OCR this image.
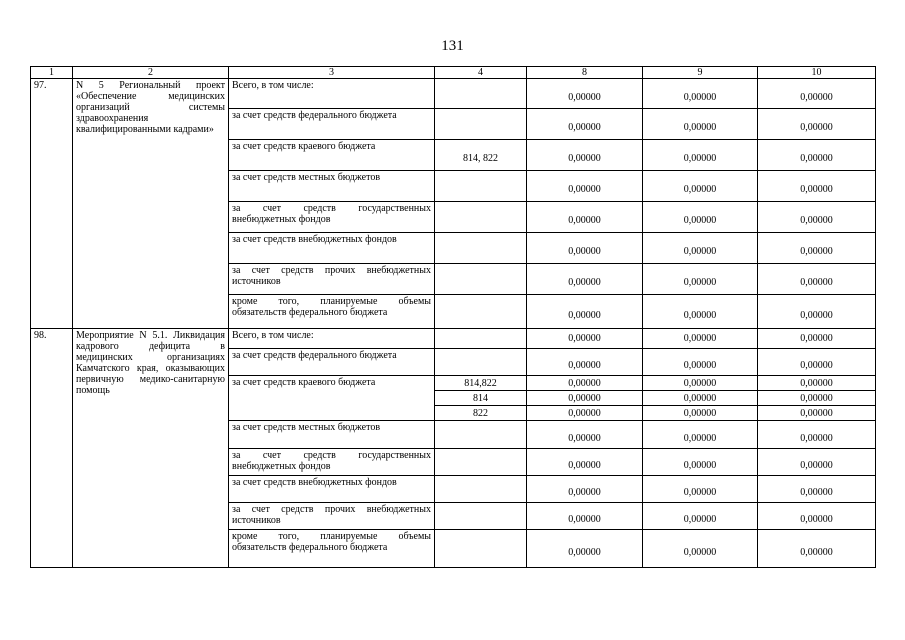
131
1	2	3	4	8	9	10
97.	N 5 Региональный проект «Обеспечение медицинских организаций системы здравоохранения квалифицированными кадрами»	Всего, в том числе:		0,00000	0,00000	0,00000
		за счет средств федерального бюджета		0,00000	0,00000	0,00000
		за счет средств краевого бюджета	814, 822	0,00000	0,00000	0,00000
		за счет средств местных бюджетов		0,00000	0,00000	0,00000
		за счет средств государственных внебюджетных фондов		0,00000	0,00000	0,00000
		за счет средств внебюджетных фондов		0,00000	0,00000	0,00000
		за счет средств прочих внебюджетных источников		0,00000	0,00000	0,00000
		кроме того, планируемые объемы обязательств федерального бюджета		0,00000	0,00000	0,00000
98.	Мероприятие N 5.1. Ликвидация кадрового дефицита в медицинских организациях Камчатского края, оказывающих первичную медико-санитарную помощь	Всего, в том числе:		0,00000	0,00000	0,00000
		за счет средств федерального бюджета		0,00000	0,00000	0,00000
		за счет средств краевого бюджета	814,822	0,00000	0,00000	0,00000
			814	0,00000	0,00000	0,00000
			822	0,00000	0,00000	0,00000
		за счет средств местных бюджетов		0,00000	0,00000	0,00000
		за счет средств государственных внебюджетных фондов		0,00000	0,00000	0,00000
		за счет средств внебюджетных фондов		0,00000	0,00000	0,00000
		за счет средств прочих внебюджетных источников		0,00000	0,00000	0,00000
		кроме того, планируемые объемы обязательств федерального бюджета		0,00000	0,00000	0,00000
